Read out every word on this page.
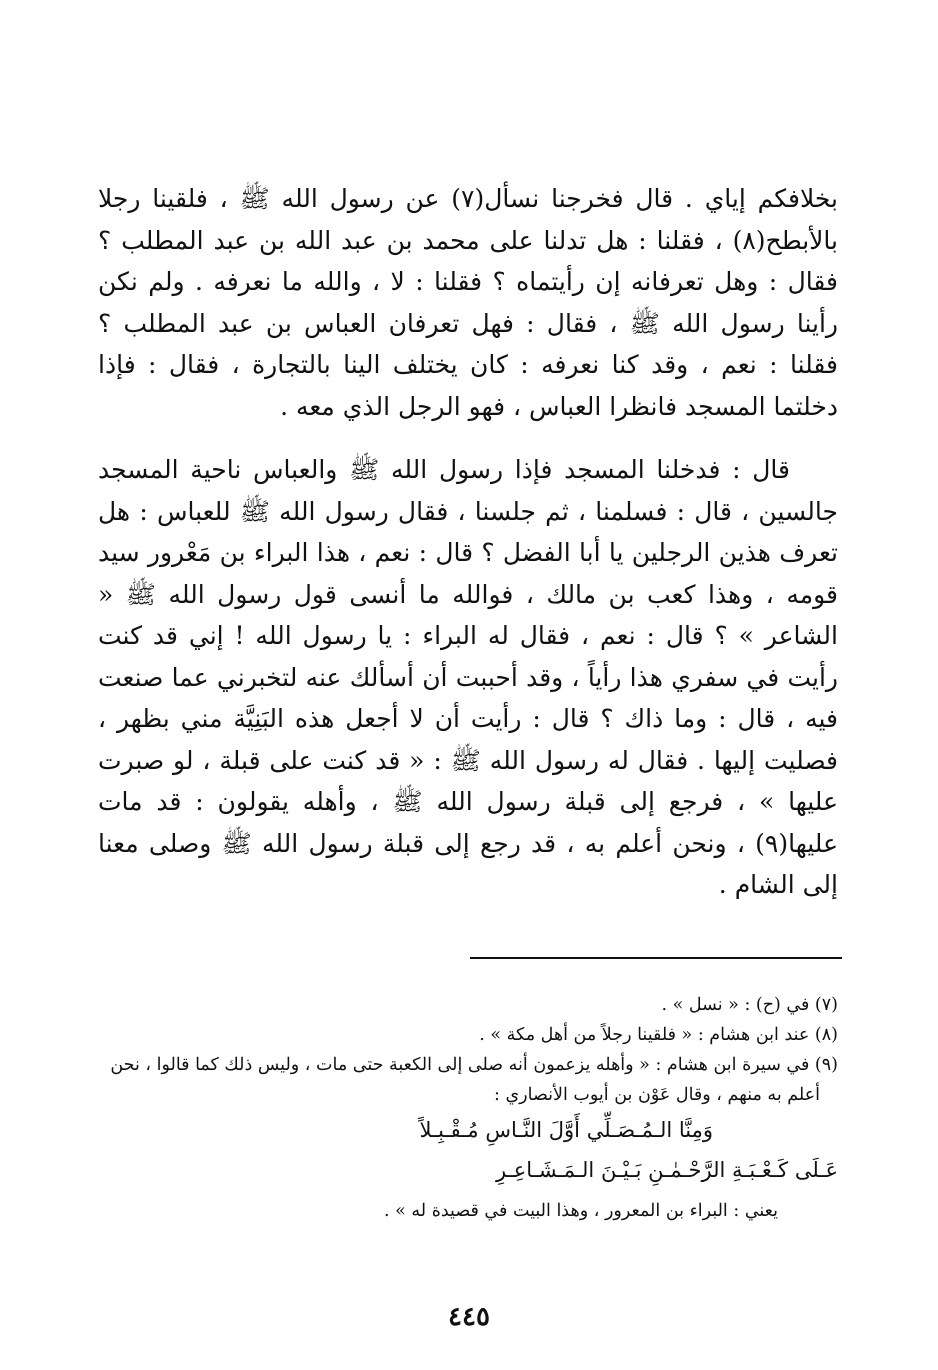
بخلافكم إياي . قال فخرجنا نسأل(٧) عن رسول الله ﷺ ، فلقينا رجلا بالأبطح(٨) ، فقلنا : هل تدلنا على محمد بن عبد الله بن عبد المطلب ؟ فقال : وهل تعرفانه إن رأيتماه ؟ فقلنا : لا ، والله ما نعرفه . ولم نكن رأينا رسول الله ﷺ ، فقال : فهل تعرفان العباس بن عبد المطلب ؟ فقلنا : نعم ، وقد كنا نعرفه : كان يختلف الينا بالتجارة ، فقال : فإذا دخلتما المسجد فانظرا العباس ، فهو الرجل الذي معه .

قال : فدخلنا المسجد فإذا رسول الله ﷺ والعباس ناحية المسجد جالسين ، قال : فسلمنا ، ثم جلسنا ، فقال رسول الله ﷺ للعباس : هل تعرف هذين الرجلين يا أبا الفضل ؟ قال : نعم ، هذا البراء بن مَعْرور سيد قومه ، وهذا كعب بن مالك ، فوالله ما أنسى قول رسول الله ﷺ « الشاعر » ؟ قال : نعم ، فقال له البراء : يا رسول الله ! إني قد كنت رأيت في سفري هذا رأياً ، وقد أحببت أن أسألك عنه لتخبرني عما صنعت فيه ، قال : وما ذاك ؟ قال : رأيت أن لا أجعل هذه البَنِيَّة مني بظهر ، فصليت إليها . فقال له رسول الله ﷺ : « قد كنت على قبلة ، لو صبرت عليها » ، فرجع إلى قبلة رسول الله ﷺ ، وأهله يقولون : قد مات عليها(٩) ، ونحن أعلم به ، قد رجع إلى قبلة رسول الله ﷺ وصلى معنا إلى الشام .

(٧) في (ح) : « نسل » .

(٨) عند ابن هشام : « فلقينا رجلاً من أهل مكة » .

(٩) في سيرة ابن هشام : « وأهله يزعمون أنه صلى إلى الكعبة حتى مات ، وليس ذلك كما قالوا ، نحن

أعلم به منهم ، وقال عَوْن بن أيوب الأنصاري :

وَمِنَّا الـمُـصَـلِّي أَوَّلَ النَّـاسِ مُـقْـبِـلاً

عَـلَى كَـعْـبَـةِ الرَّحْـمٰـنِ بَـيْـنَ الـمَـشَـاعِـرِ

يعني : البراء بن المعرور ، وهذا البيت في قصيدة له » .

٤٤٥
